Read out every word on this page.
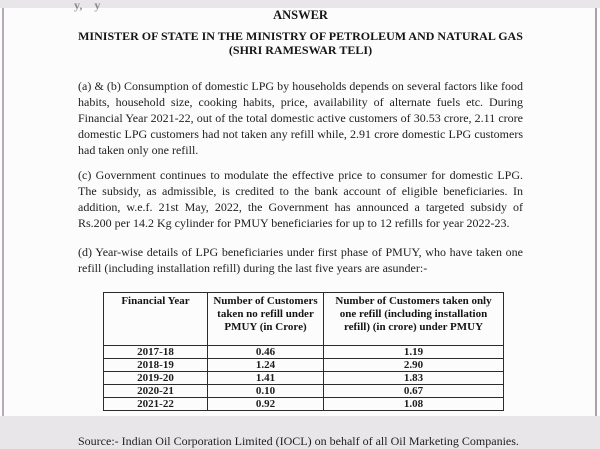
y,    y
ANSWER
MINISTER OF STATE IN THE MINISTRY OF PETROLEUM AND NATURAL GAS
(SHRI RAMESWAR TELI)

(a) & (b) Consumption of domestic LPG by households depends on several factors like food habits, household size, cooking habits, price, availability of alternate fuels etc. During Financial Year 2021-22, out of the total domestic active customers of 30.53 crore, 2.11 crore domestic LPG customers had not taken any refill while, 2.91 crore domestic LPG customers had taken only one refill.

(c) Government continues to modulate the effective price to consumer for domestic LPG. The subsidy, as admissible, is credited to the bank account of eligible beneficiaries. In addition, w.e.f. 21st May, 2022, the Government has announced a targeted subsidy of Rs.200 per 14.2 Kg cylinder for PMUY beneficiaries for up to 12 refills for year 2022-23.

(d) Year-wise details of LPG beneficiaries under first phase of PMUY, who have taken one refill (including installation refill) during the last five years are asunder:-

Financial Year	Number of Customers taken no refill under PMUY (in Crore)	Number of Customers taken only one refill (including installation refill) (in crore) under PMUY
2017-18	0.46	1.19
2018-19	1.24	2.90
2019-20	1.41	1.83
2020-21	0.10	0.67
2021-22	0.92	1.08

Source:- Indian Oil Corporation Limited (IOCL) on behalf of all Oil Marketing Companies.
